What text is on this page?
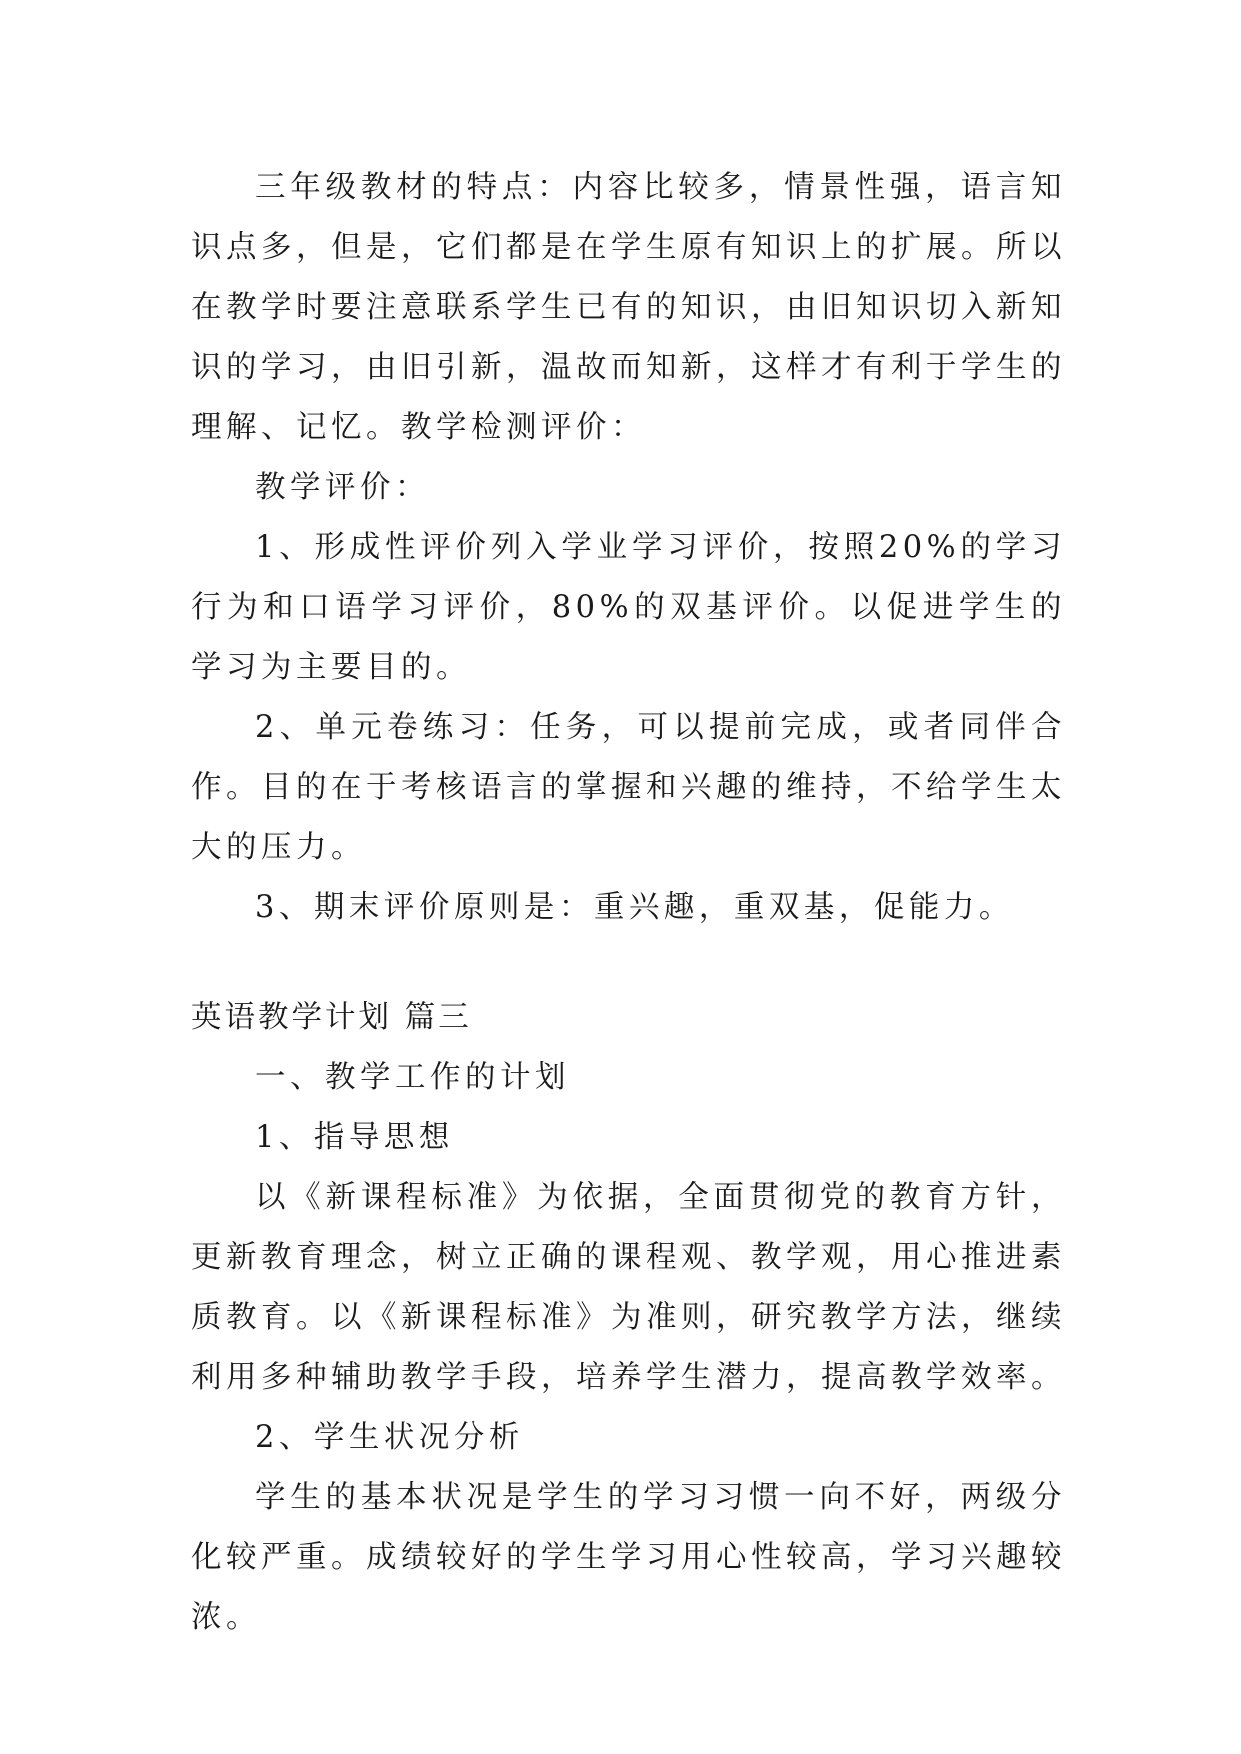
三年级教材的特点：内容比较多，情景性强，语言知识点多，但是，它们都是在学生原有知识上的扩展。所以在教学时要注意联系学生已有的知识，由旧知识切入新知识的学习，由旧引新，温故而知新，这样才有利于学生的理解、记忆。教学检测评价：

教学评价：

1、形成性评价列入学业学习评价，按照20%的学习行为和口语学习评价，80%的双基评价。以促进学生的学习为主要目的。

2、单元卷练习：任务，可以提前完成，或者同伴合作。目的在于考核语言的掌握和兴趣的维持，不给学生太大的压力。

3、期末评价原则是：重兴趣，重双基，促能力。

英语教学计划 篇三

一、教学工作的计划

1、指导思想

以《新课程标准》为依据，全面贯彻党的教育方针，更新教育理念，树立正确的课程观、教学观，用心推进素质教育。以《新课程标准》为准则，研究教学方法，继续利用多种辅助教学手段，培养学生潜力，提高教学效率。

2、学生状况分析

学生的基本状况是学生的学习习惯一向不好，两级分化较严重。成绩较好的学生学习用心性较高，学习兴趣较浓。
